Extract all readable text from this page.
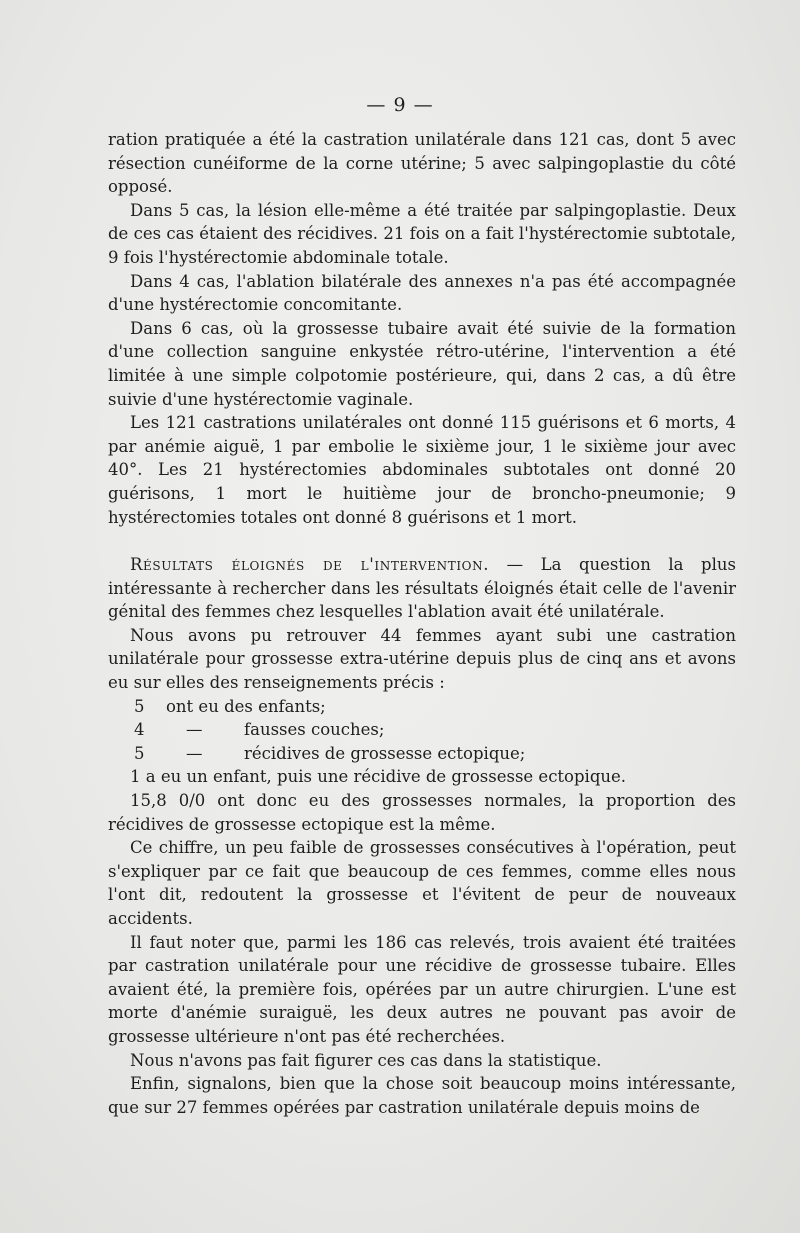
— 9 —

ration pratiquée a été la castration unilatérale dans 121 cas, dont 5 avec résection cunéiforme de la corne utérine; 5 avec salpingoplastie du côté opposé.

Dans 5 cas, la lésion elle-même a été traitée par salpingoplastie. Deux de ces cas étaient des récidives. 21 fois on a fait l'hystérectomie subtotale, 9 fois l'hystérectomie abdominale totale.

Dans 4 cas, l'ablation bilatérale des annexes n'a pas été accompagnée d'une hystérectomie concomitante.

Dans 6 cas, où la grossesse tubaire avait été suivie de la formation d'une collection sanguine enkystée rétro-utérine, l'intervention a été limitée à une simple colpotomie postérieure, qui, dans 2 cas, a dû être suivie d'une hystérectomie vaginale.

Les 121 castrations unilatérales ont donné 115 guérisons et 6 morts, 4 par anémie aiguë, 1 par embolie le sixième jour, 1 le sixième jour avec 40°. Les 21 hystérectomies abdominales subtotales ont donné 20 guérisons, 1 mort le huitième jour de broncho-pneumonie; 9 hystérectomies totales ont donné 8 guérisons et 1 mort.

Résultats éloignés de l'intervention. — La question la plus intéressante à rechercher dans les résultats éloignés était celle de l'avenir génital des femmes chez lesquelles l'ablation avait été unilatérale.

Nous avons pu retrouver 44 femmes ayant subi une castration unilatérale pour grossesse extra-utérine depuis plus de cinq ans et avons eu sur elles des renseignements précis :

5	ont eu des enfants;
4	—	fausses couches;
5	—	récidives de grossesse ectopique;

1 a eu un enfant, puis une récidive de grossesse ectopique.

15,8 0/0 ont donc eu des grossesses normales, la proportion des récidives de grossesse ectopique est la même.

Ce chiffre, un peu faible de grossesses consécutives à l'opération, peut s'expliquer par ce fait que beaucoup de ces femmes, comme elles nous l'ont dit, redoutent la grossesse et l'évitent de peur de nouveaux accidents.

Il faut noter que, parmi les 186 cas relevés, trois avaient été traitées par castration unilatérale pour une récidive de grossesse tubaire. Elles avaient été, la première fois, opérées par un autre chirurgien. L'une est morte d'anémie suraiguë, les deux autres ne pouvant pas avoir de grossesse ultérieure n'ont pas été recherchées.

Nous n'avons pas fait figurer ces cas dans la statistique.

Enfin, signalons, bien que la chose soit beaucoup moins intéressante, que sur 27 femmes opérées par castration unilatérale depuis moins de
